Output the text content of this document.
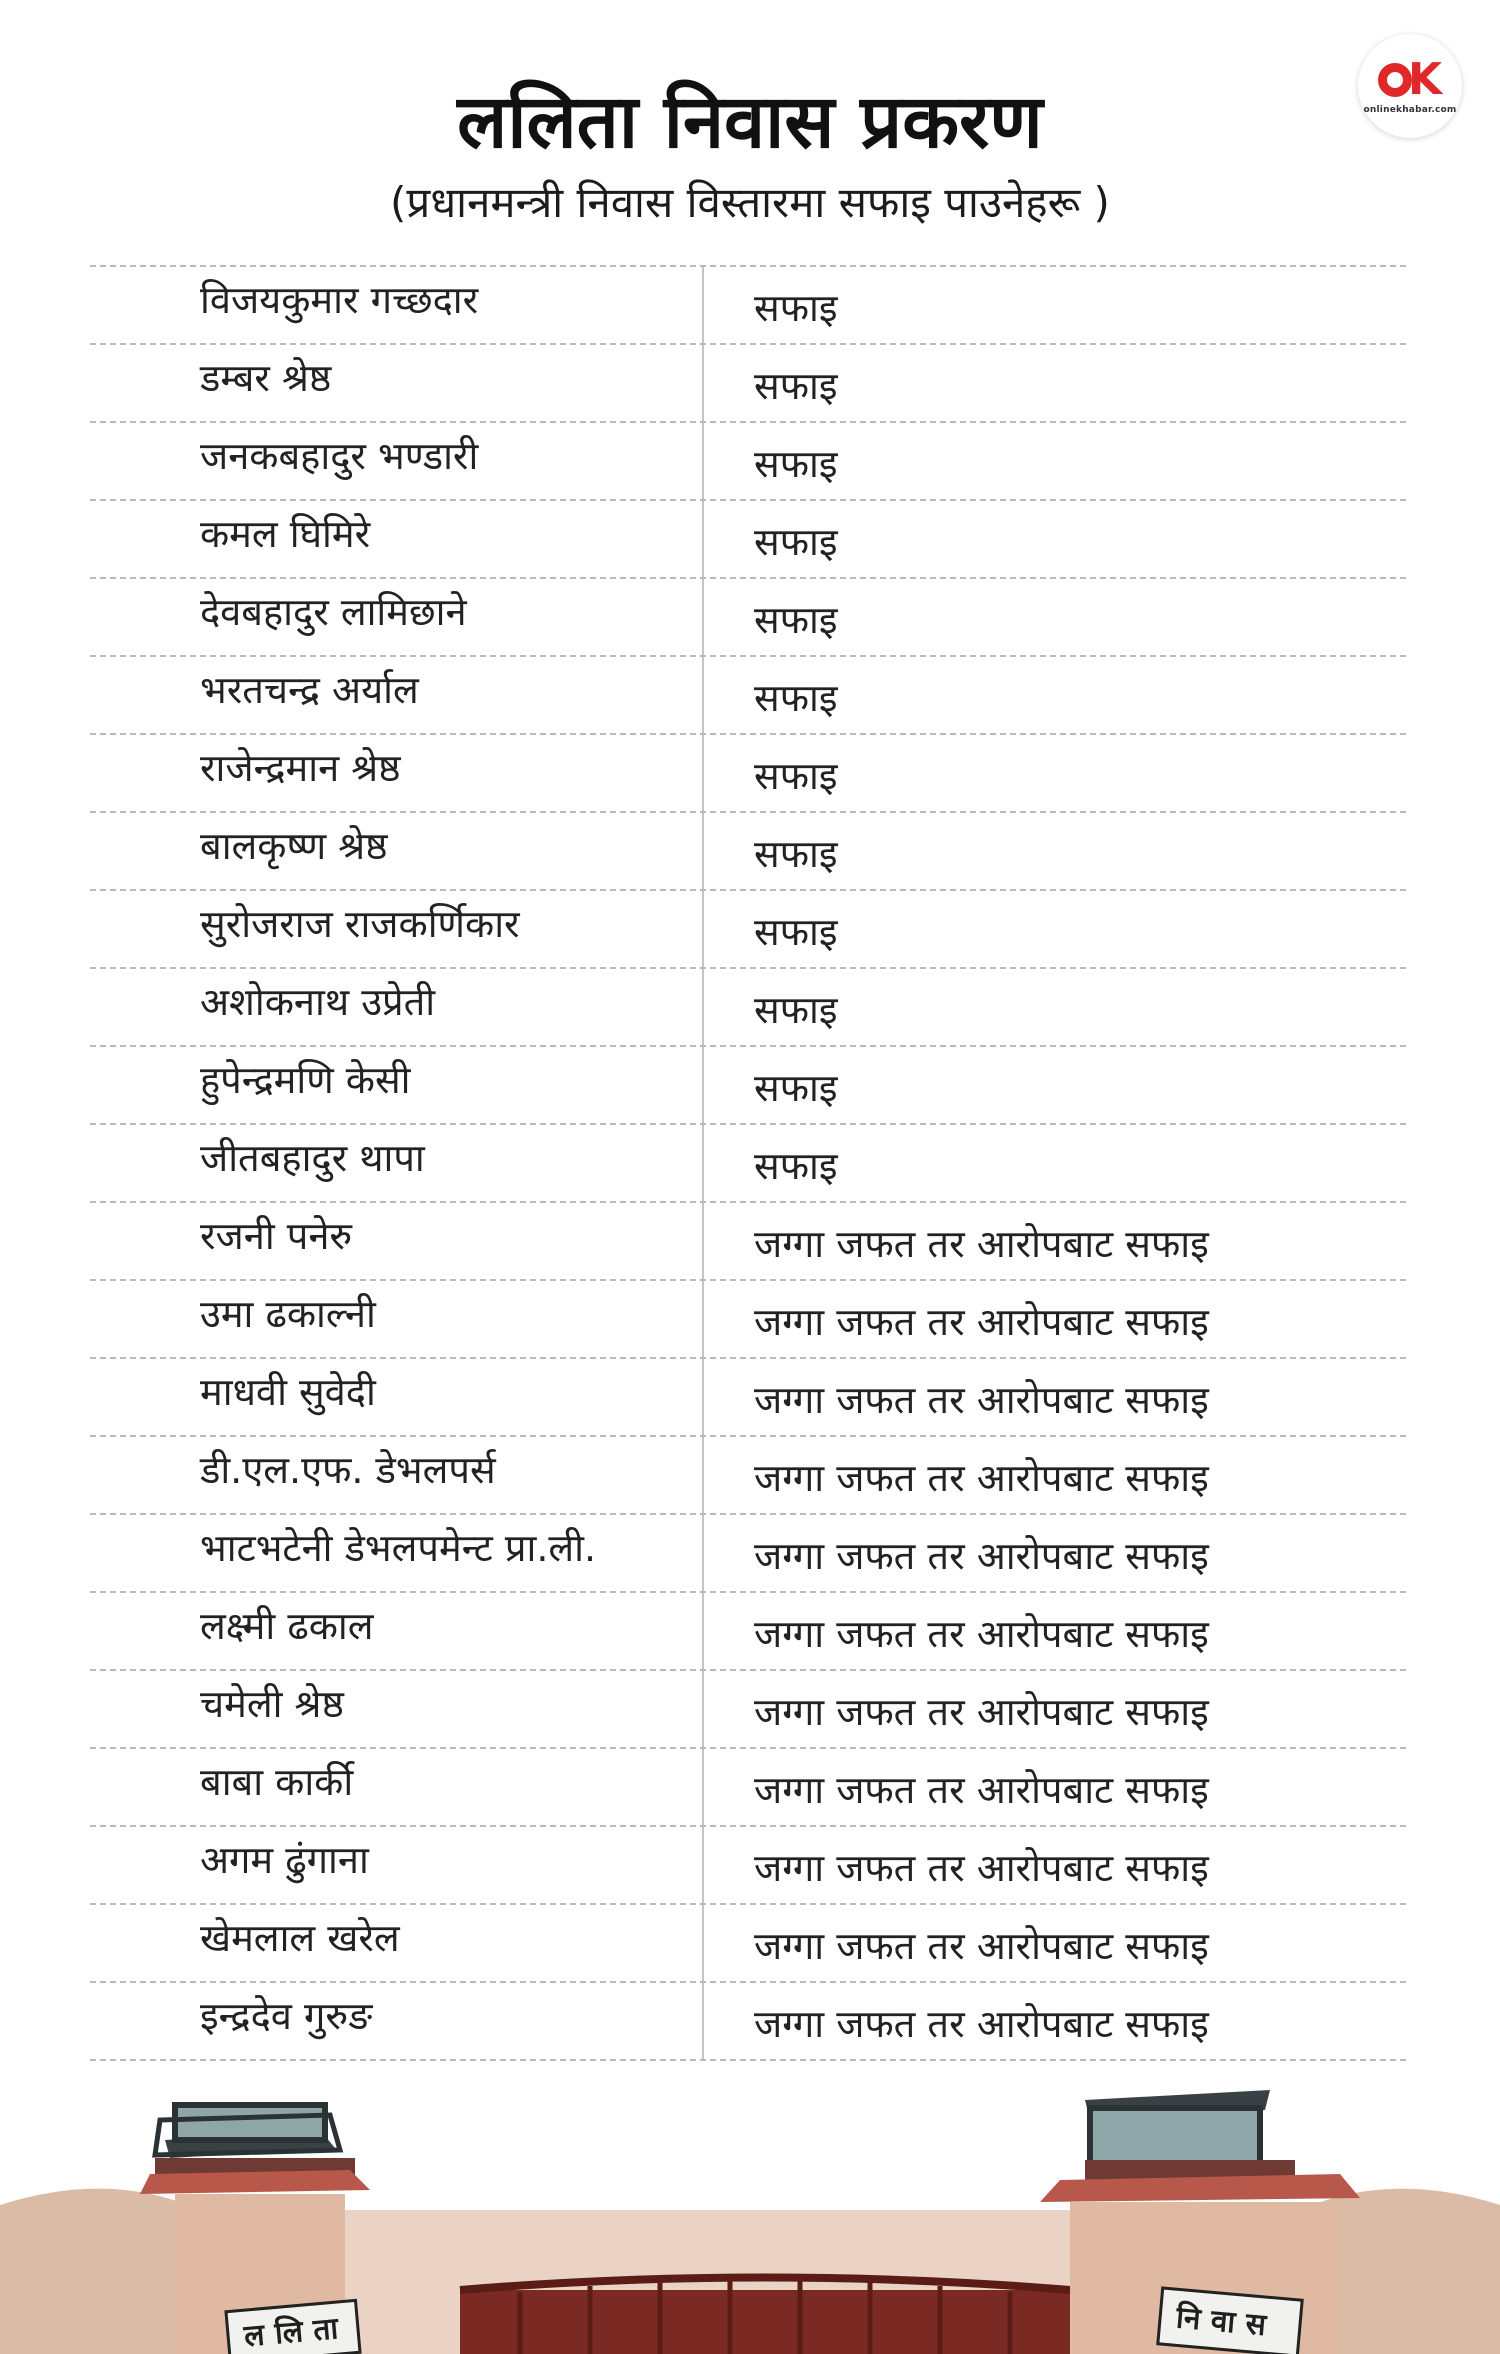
K
onlinekhabar.com
ललिता निवास प्रकरण

(प्रधानमन्त्री निवास विस्तारमा सफाइ पाउनेहरू )

विजयकुमार गच्छदार	सफाइ
डम्बर श्रेष्ठ	सफाइ
जनकबहादुर भण्डारी	सफाइ
कमल घिमिरे	सफाइ
देवबहादुर लामिछाने	सफाइ
भरतचन्द्र अर्याल	सफाइ
राजेन्द्रमान श्रेष्ठ	सफाइ
बालकृष्ण श्रेष्ठ	सफाइ
सुरोजराज राजकर्णिकार	सफाइ
अशोकनाथ उप्रेती	सफाइ
हुपेन्द्रमणि केसी	सफाइ
जीतबहादुर थापा	सफाइ
रजनी पनेरु	जग्गा जफत तर आरोपबाट सफाइ
उमा ढकाल्नी	जग्गा जफत तर आरोपबाट सफाइ
माधवी सुवेदी	जग्गा जफत तर आरोपबाट सफाइ
डी.एल.एफ. डेभलपर्स	जग्गा जफत तर आरोपबाट सफाइ
भाटभटेनी डेभलपमेन्ट प्रा.ली.	जग्गा जफत तर आरोपबाट सफाइ
लक्ष्मी ढकाल	जग्गा जफत तर आरोपबाट सफाइ
चमेली श्रेष्ठ	जग्गा जफत तर आरोपबाट सफाइ
बाबा कार्की	जग्गा जफत तर आरोपबाट सफाइ
अगम ढुंगाना	जग्गा जफत तर आरोपबाट सफाइ
खेमलाल खरेल	जग्गा जफत तर आरोपबाट सफाइ
इन्द्रदेव गुरुङ	जग्गा जफत तर आरोपबाट सफाइ
ल लि ता	नि वा स
